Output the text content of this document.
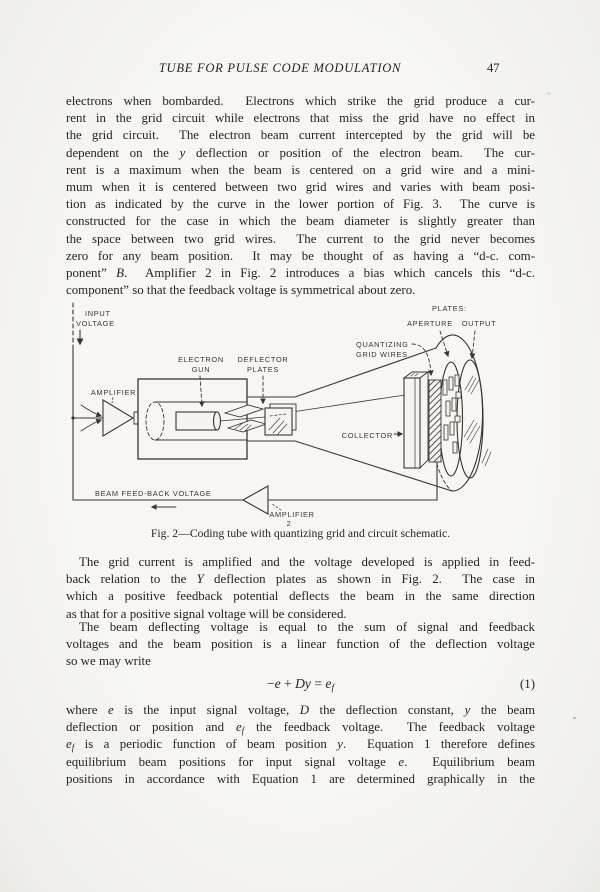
TUBE FOR PULSE CODE MODULATION	47
electrons when bombarded.  Electrons which strike the grid produce a cur-
rent in the grid circuit while electrons that miss the grid have no effect in
the grid circuit.  The electron beam current intercepted by the grid will be
dependent on the y deflection or position of the electron beam.  The cur-
rent is a maximum when the beam is centered on a grid wire and a mini-
mum when it is centered between two grid wires and varies with beam posi-
tion as indicated by the curve in the lower portion of Fig. 3.  The curve is
constructed for the case in which the beam diameter is slightly greater than
the space between two grid wires.  The current to the grid never becomes
zero for any beam position.  It may be thought of as having a “d-c. com-
ponent” B.  Amplifier 2 in Fig. 2 introduces a bias which cancels this “d-c.
component” so that the feedback voltage is symmetrical about zero.
INPUT
VOLTAGE
AMPLIFIER
ELECTRON
GUN
DEFLECTOR
PLATES
COLLECTOR
QUANTIZING
GRID WIRES
PLATES:
APERTURE OUTPUT
BEAM FEED-BACK VOLTAGE
AMPLIFIER
2
Fig. 2—Coding tube with quantizing grid and circuit schematic.
The grid current is amplified and the voltage developed is applied in feed-
back relation to the Y deflection plates as shown in Fig. 2.  The case in
which a positive feedback potential deflects the beam in the same direction
as that for a positive signal voltage will be considered.
The beam deflecting voltage is equal to the sum of signal and feedback
voltages and the beam position is a linear function of the deflection voltage
so we may write
$-e + Dy = e_f$	(1)
where e is the input signal voltage, D the deflection constant, y the beam
deflection or position and $e_f$ the feedback voltage.  The feedback voltage
$e_f$ is a periodic function of beam position y.  Equation 1 therefore defines
equilibrium beam positions for input signal voltage e.  Equilibrium beam
positions in accordance with Equation 1 are determined graphically in the
